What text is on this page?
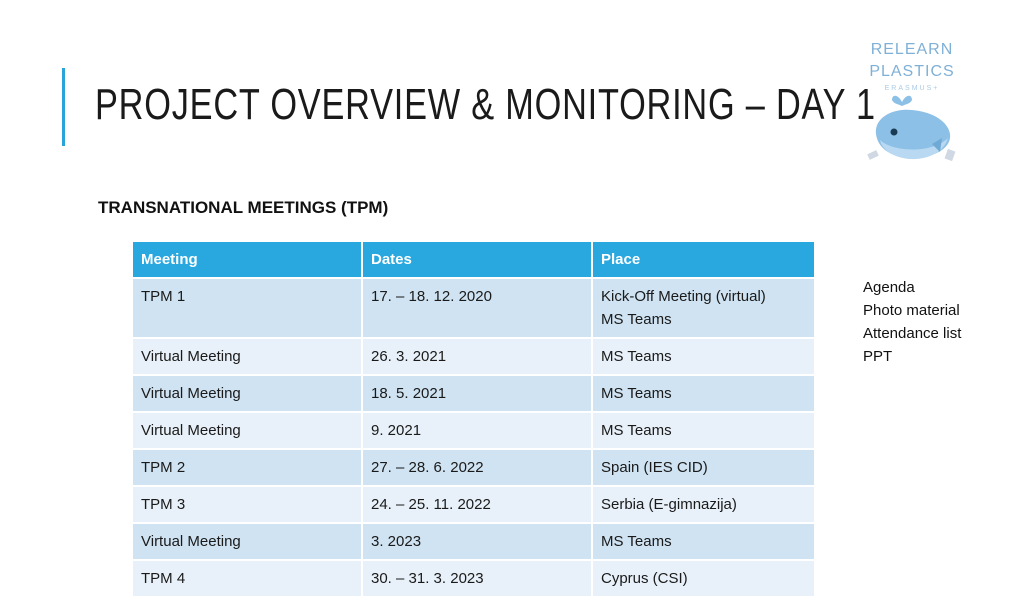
PROJECT OVERVIEW & MONITORING – DAY 1
RELEARN
PLASTICS
ERASMUS+
TRANSNATIONAL MEETINGS (TPM)
Meeting	Dates	Place
TPM 1	17. – 18. 12. 2020	Kick-Off Meeting (virtual)
MS Teams
Virtual Meeting	26. 3. 2021	MS Teams
Virtual Meeting	18. 5. 2021	MS Teams
Virtual Meeting	9. 2021	MS Teams
TPM 2	27. – 28. 6. 2022	Spain (IES CID)
TPM 3	24. – 25. 11. 2022	Serbia (E-gimnazija)
Virtual Meeting	3. 2023	MS Teams
TPM 4	30. – 31. 3. 2023	Cyprus (CSI)
Agenda
Photo material
Attendance list
PPT
